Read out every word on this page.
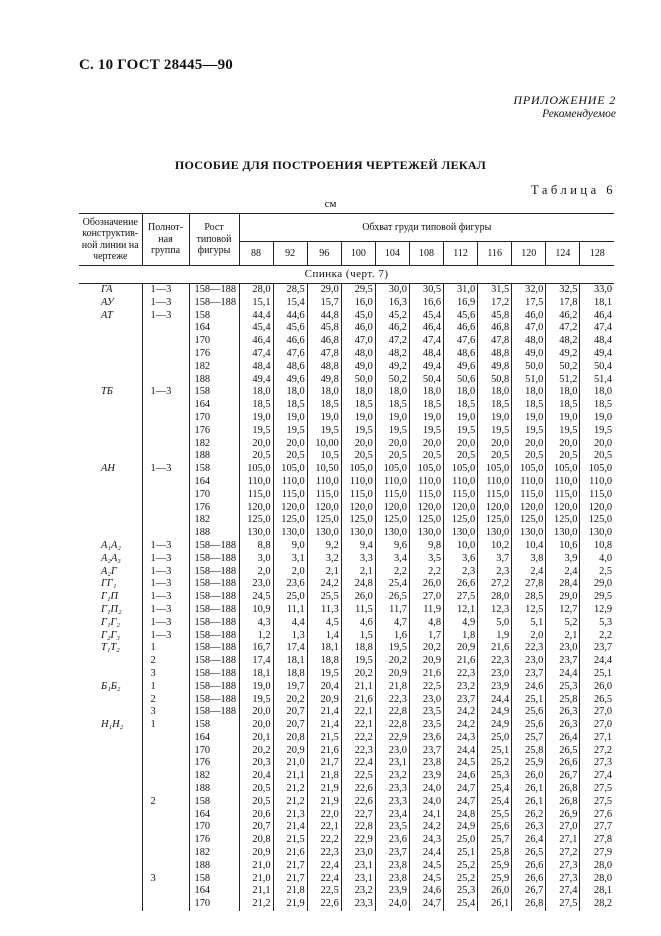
С. 10 ГОСТ 28445—90
ПРИЛОЖЕНИЕ 2
Рекомендуемое
ПОСОБИЕ ДЛЯ ПОСТРОЕНИЯ ЧЕРТЕЖЕЙ ЛЕКАЛ
Таблица 6
см
Обозначение конструктив-ной линии на чертеже	Полнот-ная группа	Рост типовой фигуры	Обхват груди типовой фигуры										
			88	92	96	100	104	108	112	116	120	124	128
Спинка (черт. 7)													
ГА	1—3	158—188	28,0	28,5	29,0	29,5	30,0	30,5	31,0	31,5	32,0	32,5	33,0
АУ	1—3	158—188	15,1	15,4	15,7	16,0	16,3	16,6	16,9	17,2	17,5	17,8	18,1
АТ	1—3	158	44,4	44,6	44,8	45,0	45,2	45,4	45,6	45,8	46,0	46,2	46,4
		164	45,4	45,6	45,8	46,0	46,2	46,4	46,6	46,8	47,0	47,2	47,4
		170	46,4	46,6	46,8	47,0	47,2	47,4	47,6	47,8	48,0	48,2	48,4
		176	47,4	47,6	47,8	48,0	48,2	48,4	48,6	48,8	49,0	49,2	49,4
		182	48,4	48,6	48,8	49,0	49,2	49,4	49,6	49,8	50,0	50,2	50,4
		188	49,4	49,6	49,8	50,0	50,2	50,4	50,6	50,8	51,0	51,2	51,4
ТБ	1—3	158	18,0	18,0	18,0	18,0	18,0	18,0	18,0	18,0	18,0	18,0	18,0
		164	18,5	18,5	18,5	18,5	18,5	18,5	18,5	18,5	18,5	18,5	18,5
		170	19,0	19,0	19,0	19,0	19,0	19,0	19,0	19,0	19,0	19,0	19,0
		176	19,5	19,5	19,5	19,5	19,5	19,5	19,5	19,5	19,5	19,5	19,5
		182	20,0	20,0	10,00	20,0	20,0	20,0	20,0	20,0	20,0	20,0	20,0
		188	20,5	20,5	10,5	20,5	20,5	20,5	20,5	20,5	20,5	20,5	20,5
АН	1—3	158	105,0	105,0	10,50	105,0	105,0	105,0	105,0	105,0	105,0	105,0	105,0
		164	110,0	110,0	110,0	110,0	110,0	110,0	110,0	110,0	110,0	110,0	110,0
		170	115,0	115,0	115,0	115,0	115,0	115,0	115,0	115,0	115,0	115,0	115,0
		176	120,0	120,0	120,0	120,0	120,0	120,0	120,0	120,0	120,0	120,0	120,0
		182	125,0	125,0	125,0	125,0	125,0	125,0	125,0	125,0	125,0	125,0	125,0
		188	130,0	130,0	130,0	130,0	130,0	130,0	130,0	130,0	130,0	130,0	130,0
А₁А₂	1—3	158—188	8,8	9,0	9,2	9,4	9,6	9,8	10,0	10,2	10,4	10,6	10,8
А₂А₃	1—3	158—188	3,0	3,1	3,2	3,3	3,4	3,5	3,6	3,7	3,8	3,9	4,0
А₂Г	1—3	158—188	2,0	2,0	2,1	2,1	2,2	2,2	2,3	2,3	2,4	2,4	2,5
ГГ₁	1—3	158—188	23,0	23,6	24,2	24,8	25,4	26,0	26,6	27,2	27,8	28,4	29,0
Г₁П	1—3	158—188	24,5	25,0	25,5	26,0	26,5	27,0	27,5	28,0	28,5	29,0	29,5
Г₁П₂	1—3	158—188	10,9	11,1	11,3	11,5	11,7	11,9	12,1	12,3	12,5	12,7	12,9
Г₁Г₂	1—3	158—188	4,3	4,4	4,5	4,6	4,7	4,8	4,9	5,0	5,1	5,2	5,3
Г₂Г₃	1—3	158—188	1,2	1,3	1,4	1,5	1,6	1,7	1,8	1,9	2,0	2,1	2,2
Т₁Т₂	1	158—188	16,7	17,4	18,1	18,8	19,5	20,2	20,9	21,6	22,3	23,0	23,7
	2	158—188	17,4	18,1	18,8	19,5	20,2	20,9	21,6	22,3	23,0	23,7	24,4
	3	158—188	18,1	18,8	19,5	20,2	20,9	21,6	22,3	23,0	23,7	24,4	25,1
Б₁Б₂	1	158—188	19,0	19,7	20,4	21,1	21,8	22,5	23,2	23,9	24,6	25,3	26,0
	2	158—188	19,5	20,2	20,9	21,6	22,3	23,0	23,7	24,4	25,1	25,8	26,5
	3	158—188	20,0	20,7	21,4	22,1	22,8	23,5	24,2	24,9	25,6	26,3	27,0
Н₁Н₂	1	158	20,0	20,7	21,4	22,1	22,8	23,5	24,2	24,9	25,6	26,3	27,0
		164	20,1	20,8	21,5	22,2	22,9	23,6	24,3	25,0	25,7	26,4	27,1
		170	20,2	20,9	21,6	22,3	23,0	23,7	24,4	25,1	25,8	26,5	27,2
		176	20,3	21,0	21,7	22,4	23,1	23,8	24,5	25,2	25,9	26,6	27,3
		182	20,4	21,1	21,8	22,5	23,2	23,9	24,6	25,3	26,0	26,7	27,4
		188	20,5	21,2	21,9	22,6	23,3	24,0	24,7	25,4	26,1	26,8	27,5
	2	158	20,5	21,2	21,9	22,6	23,3	24,0	24,7	25,4	26,1	26,8	27,5
		164	20,6	21,3	22,0	22,7	23,4	24,1	24,8	25,5	26,2	26,9	27,6
		170	20,7	21,4	22,1	22,8	23,5	24,2	24,9	25,6	26,3	27,0	27,7
		176	20,8	21,5	22,2	22,9	23,6	24,3	25,0	25,7	26,4	27,1	27,8
		182	20,9	21,6	22,3	23,0	23,7	24,4	25,1	25,8	26,5	27,2	27,9
		188	21,0	21,7	22,4	23,1	23,8	24,5	25,2	25,9	26,6	27,3	28,0
	3	158	21,0	21,7	22,4	23,1	23,8	24,5	25,2	25,9	26,6	27,3	28,0
		164	21,1	21,8	22,5	23,2	23,9	24,6	25,3	26,0	26,7	27,4	28,1
		170	21,2	21,9	22,6	23,3	24,0	24,7	25,4	26,1	26,8	27,5	28,2
